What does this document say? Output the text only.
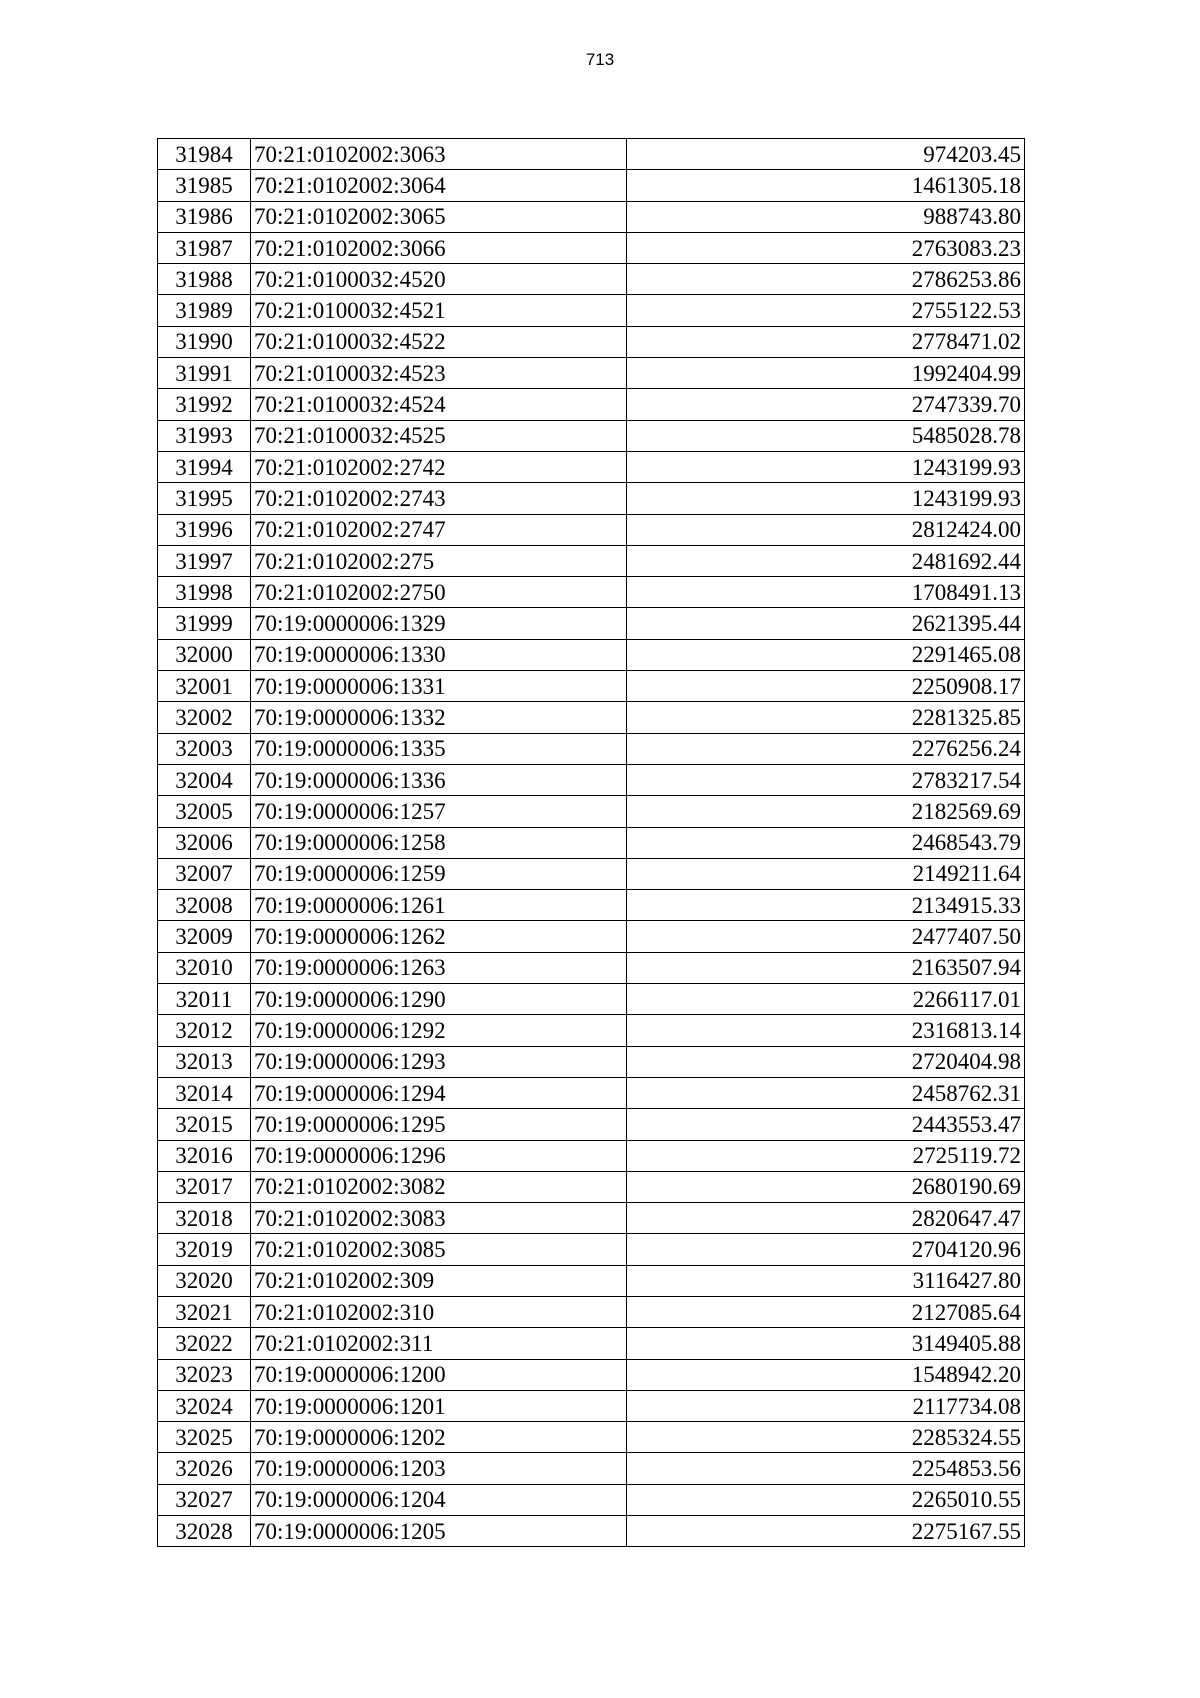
713
31984	70:21:0102002:3063	974203.45
31985	70:21:0102002:3064	1461305.18
31986	70:21:0102002:3065	988743.80
31987	70:21:0102002:3066	2763083.23
31988	70:21:0100032:4520	2786253.86
31989	70:21:0100032:4521	2755122.53
31990	70:21:0100032:4522	2778471.02
31991	70:21:0100032:4523	1992404.99
31992	70:21:0100032:4524	2747339.70
31993	70:21:0100032:4525	5485028.78
31994	70:21:0102002:2742	1243199.93
31995	70:21:0102002:2743	1243199.93
31996	70:21:0102002:2747	2812424.00
31997	70:21:0102002:275	2481692.44
31998	70:21:0102002:2750	1708491.13
31999	70:19:0000006:1329	2621395.44
32000	70:19:0000006:1330	2291465.08
32001	70:19:0000006:1331	2250908.17
32002	70:19:0000006:1332	2281325.85
32003	70:19:0000006:1335	2276256.24
32004	70:19:0000006:1336	2783217.54
32005	70:19:0000006:1257	2182569.69
32006	70:19:0000006:1258	2468543.79
32007	70:19:0000006:1259	2149211.64
32008	70:19:0000006:1261	2134915.33
32009	70:19:0000006:1262	2477407.50
32010	70:19:0000006:1263	2163507.94
32011	70:19:0000006:1290	2266117.01
32012	70:19:0000006:1292	2316813.14
32013	70:19:0000006:1293	2720404.98
32014	70:19:0000006:1294	2458762.31
32015	70:19:0000006:1295	2443553.47
32016	70:19:0000006:1296	2725119.72
32017	70:21:0102002:3082	2680190.69
32018	70:21:0102002:3083	2820647.47
32019	70:21:0102002:3085	2704120.96
32020	70:21:0102002:309	3116427.80
32021	70:21:0102002:310	2127085.64
32022	70:21:0102002:311	3149405.88
32023	70:19:0000006:1200	1548942.20
32024	70:19:0000006:1201	2117734.08
32025	70:19:0000006:1202	2285324.55
32026	70:19:0000006:1203	2254853.56
32027	70:19:0000006:1204	2265010.55
32028	70:19:0000006:1205	2275167.55
